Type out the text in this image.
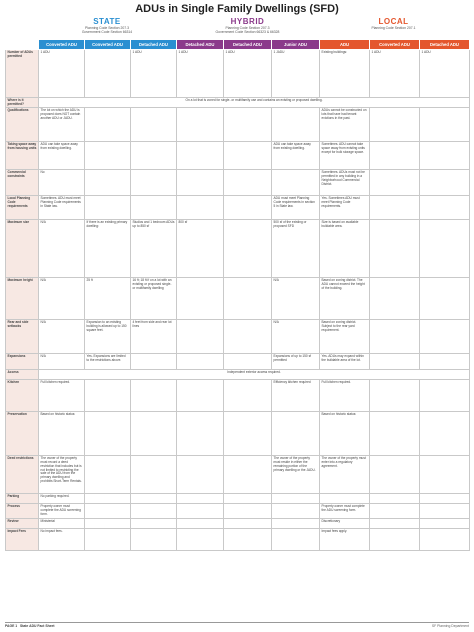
ADUs in Single Family Dwellings (SFD)
STATE
Planning Code Section 207.3
Government Code Section 66314
HYBRID
Planning Code Section 207.3
Government Code Section 66323 & 66328
LOCAL
Planning Code Section 207.1
	Converted ADU	Converted ADU	Detached ADU	Detached ADU	Detached ADU	Junior ADU	ADU	Converted ADU	Detached ADU
Number of ADUs permitted	1 ADU		1 ADU	1 ADU	1 ADU	1 JADU	Existing buildings:	1 ADU	1 ADU
Where is it permitted?	On a lot that is zoned for single- or multifamily use and contains an existing or proposed dwelling.								
Qualifications	The lot on which the ADU is proposed does NOT contain another ADU or JADU.						ADUs cannot be constructed on lots that have had tenant evictions in the past.		
Taking space away from housing units	ADU can take space away from existing dwelling.					ADU can take space away from existing dwelling.	Sometimes. ADU cannot take space away from existing units except for bulk storage space.		
Commercial constraints	No						Sometimes. ADUs must not be permitted in any building in a Neighborhood Commercial District.		
Local Planning Code requirements	Sometimes. ADU must meet Planning Code requirements in State law.					ADU must meet Planning Code requirements in section 5 in State law.	Yes. Sometimes ADU must meet Planning Code requirements.		
Maximum size	N/A	If there is an existing primary dwelling:	Studios and 1 bedroom ADUs up to 850 sf	800 sf		500 sf of the existing or proposed SFD	Size is based on available buildable area.		
Maximum height	N/A	25 ft	16 ft; 18 ft if on a lot with an existing or proposed single- or multifamily dwelling			N/A	Based on zoning district. The ADU cannot exceed the height of the building.		
Rear and side setbacks	N/A	Expansion to an existing building is allowed up to 150 square feet.	4 feet from side and rear lot lines			N/A	Based on zoning district. Subject to the rear yard requirement.		
Expansions	N/A	Yes. Expansions are limited to the restrictions above.				Expansions of up to 150 sf permitted	Yes. ADUs may expand within the buildable area of the lot.		
Access	Independent exterior access required.								
Kitchen	Full kitchen required.					Efficiency kitchen required	Full kitchen required.		
Preservation	Based on historic status:						Based on historic status:		
Deed restrictions	The owner of the property must record a deed restriction that includes but is not limited to restricting the sale of the ADU from the primary dwelling and prohibits Short-Term Rentals.					The owner of the property must reside in either the remaining portion of the primary dwelling or the JADU.	The owner of the property must enter into a regulatory agreement.		
Parking	No parking required.								
Process	Property owner must complete the ADU screening form.						Property owner must complete the ADU screening form.		
Review	Ministerial						Discretionary		
Impact Fees	No impact fees.						Impact fees apply.		
PAGE 1 State ADU Fact Sheet	SF Planning Department
